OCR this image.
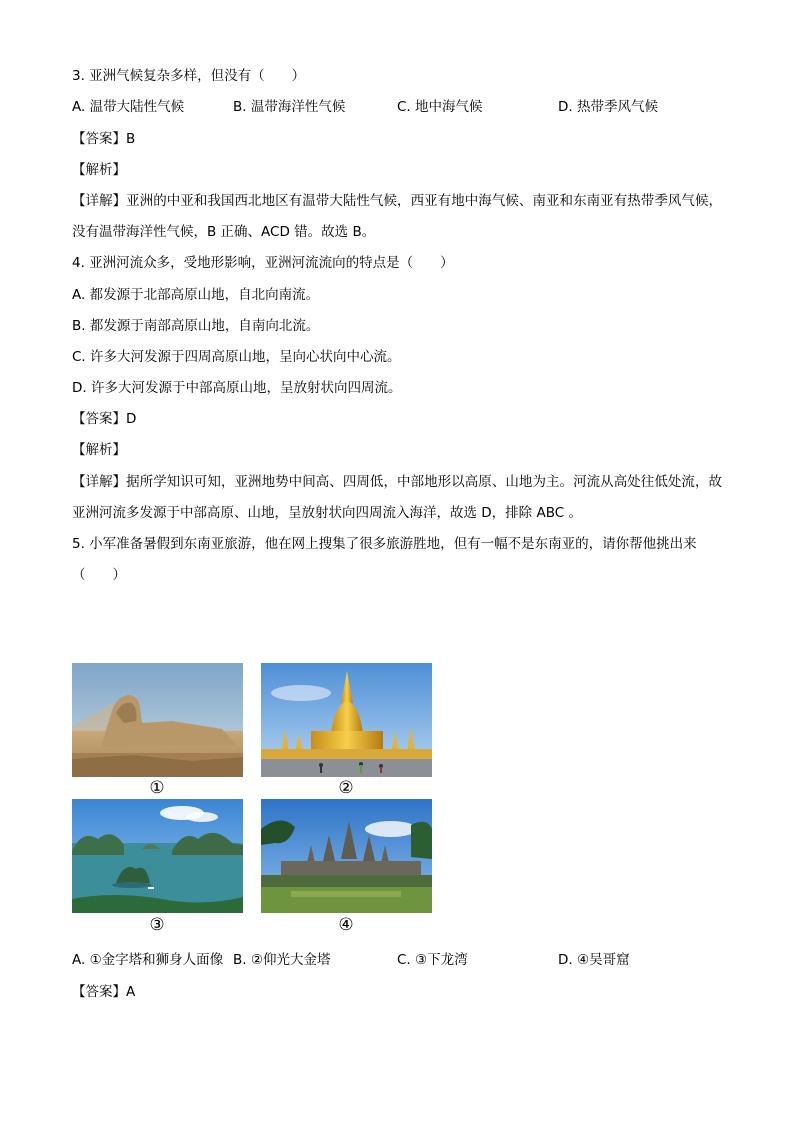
3. 亚洲气候复杂多样，但没有（　　）
A. 温带大陆性气候	B. 温带海洋性气候	C. 地中海气候	D. 热带季风气候
【答案】B
【解析】
【详解】亚洲的中亚和我国西北地区有温带大陆性气候，西亚有地中海气候、南亚和东南亚有热带季风气候，没有温带海洋性气候，B 正确、ACD 错。故选 B。
4. 亚洲河流众多，受地形影响，亚洲河流流向的特点是（　　）
A. 都发源于北部高原山地，自北向南流。
B. 都发源于南部高原山地，自南向北流。
C. 许多大河发源于四周高原山地，呈向心状向中心流。
D. 许多大河发源于中部高原山地，呈放射状向四周流。
【答案】D
【解析】
【详解】据所学知识可知，亚洲地势中间高、四周低，中部地形以高原、山地为主。河流从高处往低处流，故亚洲河流多发源于中部高原、山地，呈放射状向四周流入海洋，故选 D，排除 ABC 。
5. 小军准备暑假到东南亚旅游，他在网上搜集了很多旅游胜地，但有一幅不是东南亚的，请你帮他挑出来
（　　）
①	②
③	④
A. ①金字塔和狮身人面像 B. ②仰光大金塔	C. ③下龙湾	D. ④吴哥窟
【答案】A
